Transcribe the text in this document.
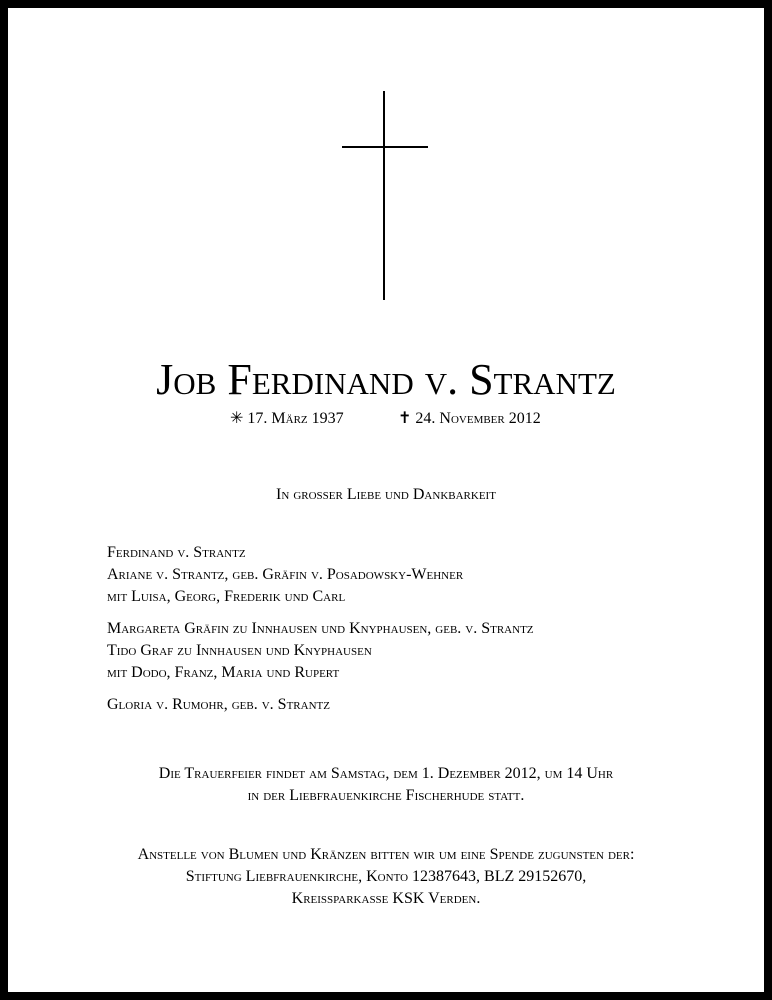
Job Ferdinand v. Strantz
✳ 17. März 1937	✝ 24. November 2012
In grosser Liebe und Dankbarkeit
Ferdinand v. Strantz
Ariane v. Strantz, geb. Gräfin v. Posadowsky-Wehner
mit Luisa, Georg, Frederik und Carl
Margareta Gräfin zu Innhausen und Knyphausen, geb. v. Strantz
Tido Graf zu Innhausen und Knyphausen
mit Dodo, Franz, Maria und Rupert
Gloria v. Rumohr, geb. v. Strantz
Die Trauerfeier findet am Samstag, dem 1. Dezember 2012, um 14 Uhr
in der Liebfrauenkirche Fischerhude statt.
Anstelle von Blumen und Kränzen bitten wir um eine Spende zugunsten der:
Stiftung Liebfrauenkirche, Konto 12387643, BLZ 29152670,
Kreissparkasse KSK Verden.
